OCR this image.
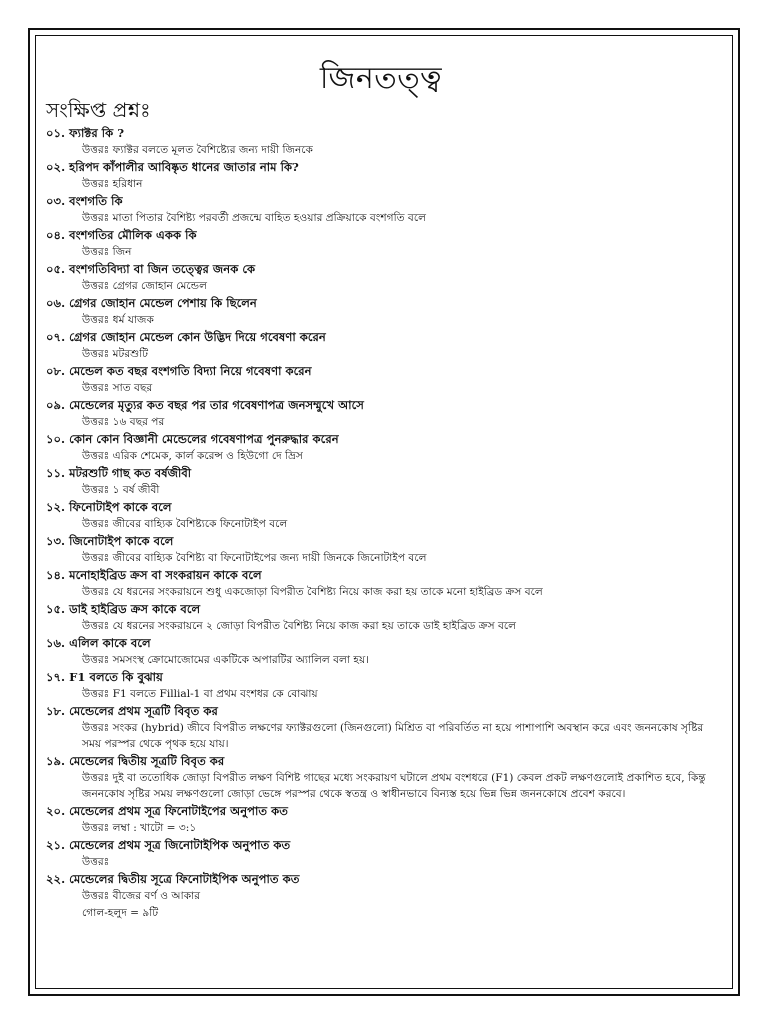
জিনতত্ত্ব
সংক্ষিপ্ত প্রশ্নঃ
০১. ফ্যাক্টর কি ?
উত্তরঃ ফ্যাক্টর বলতে মূলত বৈশিষ্ট্যের জন্য দায়ী জিনকে
০২. হরিপদ কাঁপালীর আবিষ্কৃত ধানের জাতার নাম কি?
উত্তরঃ হরিধান
০৩. বংশগতি কি
উত্তরঃ মাতা পিতার বৈশিষ্ট্য পরবর্তী প্রজন্মে বাহিত হওয়ার প্রক্রিয়াকে বংশগতি বলে
০৪. বংশগতির মৌলিক একক কি
উত্তরঃ জিন
০৫. বংশগতিবিদ্যা বা জিন তত্ত্বের জনক কে
উত্তরঃ গ্রেগর জোহান মেন্ডেল
০৬. গ্রেগর জোহান মেন্ডেল পেশায় কি ছিলেন
উত্তরঃ ধর্ম যাজক
০৭. গ্রেগর জোহান মেন্ডেল কোন উদ্ভিদ দিয়ে গবেষণা করেন
উত্তরঃ মটরশুটি
০৮. মেন্ডেল কত বছর বংশগতি বিদ্যা নিয়ে গবেষণা করেন
উত্তরঃ সাত বছর
০৯. মেন্ডেলের মৃত্যুর কত বছর পর তার গবেষণাপত্র জনসম্মুখে আসে
উত্তরঃ ১৬ বছর পর
১০. কোন কোন বিজ্ঞানী মেন্ডেলের গবেষণাপত্র পুনরুদ্ধার করেন
উত্তরঃ এরিক শেমেক, কার্ল করেন্স ও হিউগো দে ভ্রিস
১১. মটরশুটি গাছ কত বর্ষজীবী
উত্তরঃ ১ বর্ষ জীবী
১২. ফিনোটাইপ কাকে বলে
উত্তরঃ জীবের বাহ্যিক বৈশিষ্ট্যকে ফিনোটাইপ বলে
১৩. জিনোটাইপ কাকে বলে
উত্তরঃ জীবের বাহ্যিক বৈশিষ্ট্য বা ফিনোটাইপের জন্য দায়ী জিনকে জিনোটাইপ বলে
১৪. মনোহাইব্রিড ক্রস বা সংকরায়ন কাকে বলে
উত্তরঃ যে ধরনের সংকরায়নে শুধু একজোড়া বিপরীত বৈশিষ্ট্য নিয়ে কাজ করা হয় তাকে মনো হাইব্রিড ক্রস বলে
১৫. ডাই হাইব্রিড ক্রস কাকে বলে
উত্তরঃ যে ধরনের সংকরায়নে ২ জোড়া বিপরীত বৈশিষ্ট্য নিয়ে কাজ করা হয় তাকে ডাই হাইব্রিড ক্রস বলে
১৬. এলিল কাকে বলে
উত্তরঃ সমসংস্থ ক্রোমোজোমের একটিকে অপারটির অ্যালিল বলা হয়।
১৭. F1 বলতে কি বুঝায়
উত্তরঃ F1 বলতে Fillial-1 বা প্রথম বংশধর কে বোঝায়
১৮. মেন্ডেলের প্রথম সূত্রটি বিবৃত কর
উত্তরঃ সংকর (hybrid) জীবে বিপরীত লক্ষণের ফ্যাক্টরগুলো (জিনগুলো) মিশ্রিত বা পরিবর্তিত না হয়ে পাশাপাশি অবস্থান করে এবং জননকোষ সৃষ্টির সময় পরস্পর থেকে পৃথক হয়ে যায়।
১৯. মেন্ডেলের দ্বিতীয় সূত্রটি বিবৃত কর
উত্তরঃ দুই বা ততোধিক জোড়া বিপরীত লক্ষণ বিশিষ্ট গাছের মধ্যে সংকরায়ণ ঘটালে প্রথম বংশধরে (F1) কেবল প্রকট লক্ষণগুলোই প্রকাশিত হবে, কিন্তু জননকোষ সৃষ্টির সময় লক্ষণগুলো জোড়া ভেঙ্গে পরস্পর থেকে স্বতন্ত্র ও স্বাধীনভাবে বিন্যস্ত হয়ে ভিন্ন ভিন্ন জননকোষে প্রবেশ করবে।
২০. মেন্ডেলের প্রথম সূত্র ফিনোটাইপের অনুপাত কত
উত্তরঃ লম্বা : খাটো = ৩:১
২১. মেন্ডেলের প্রথম সূত্র জিনোটাইপিক অনুপাত কত
উত্তরঃ
২২. মেন্ডেলের দ্বিতীয় সূত্রে ফিনোটাইপিক অনুপাত কত
উত্তরঃ বীজের বর্ণ ও আকার
গোল-হলুদ = ৯টি
